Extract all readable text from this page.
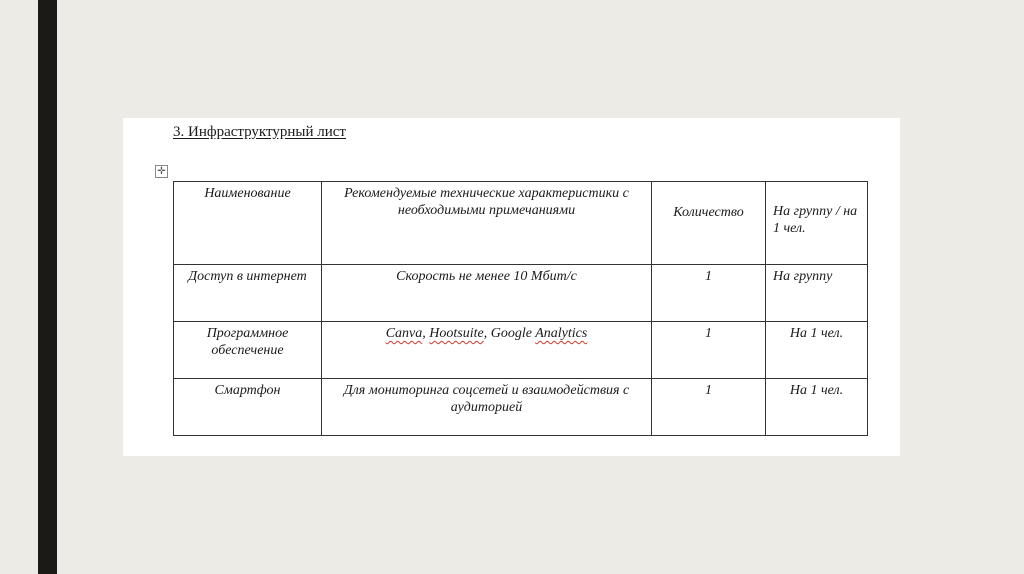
3. Инфраструктурный лист
✛
Наименование	Рекомендуемые технические характеристики с необходимыми примечаниями	Количество	На группу / на 1 чел.
Доступ в интернет	Скорость не менее 10 Мбит/с	1	На группу
Программное обеспечение	Canva, Hootsuite, Google Analytics	1	На 1 чел.
Смартфон	Для мониторинга соцсетей и взаимодействия с аудиторией	1	На 1 чел.
